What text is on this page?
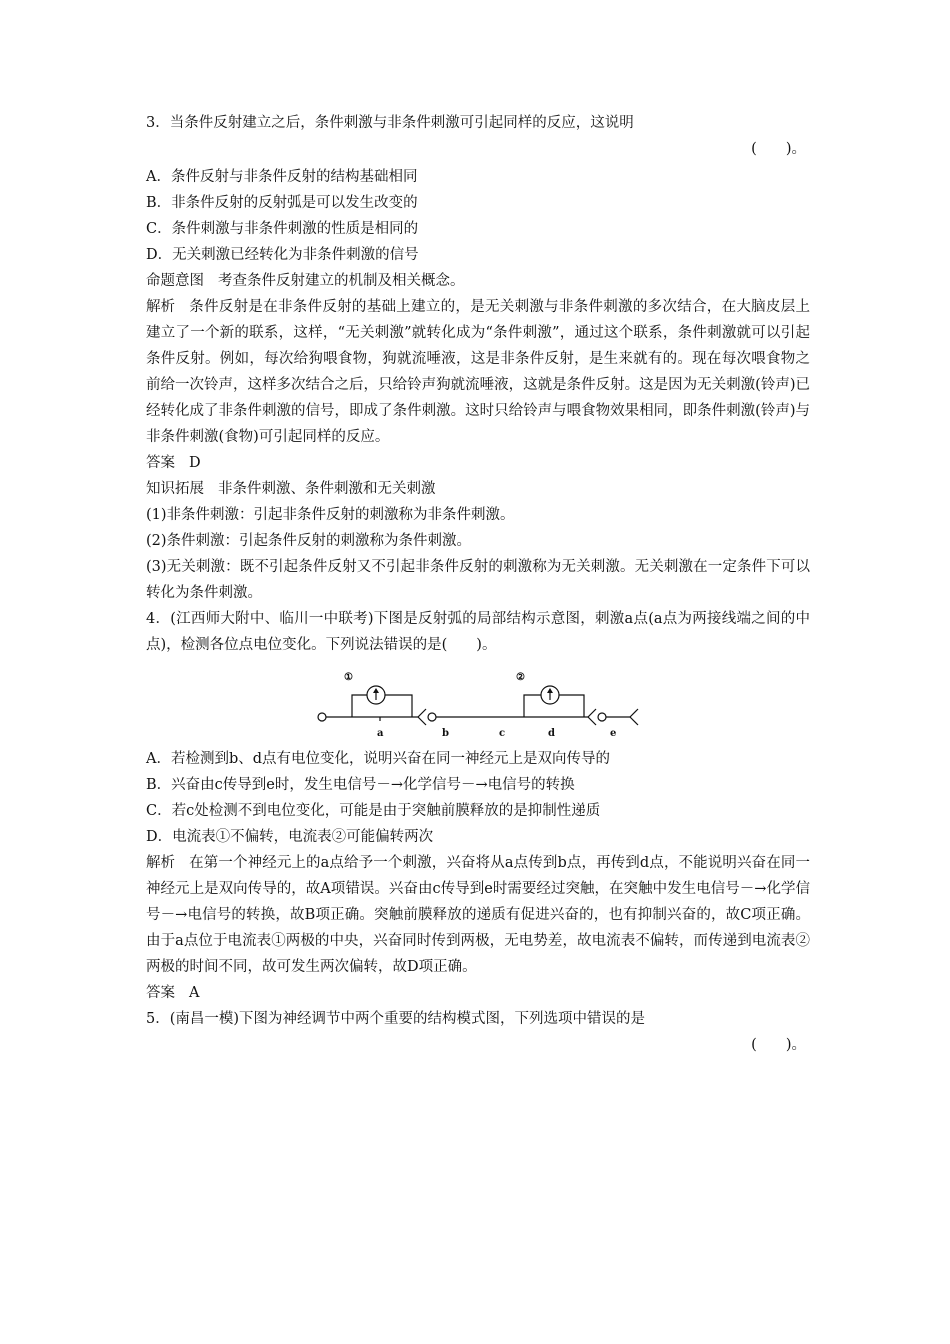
3．当条件反射建立之后，条件刺激与非条件刺激可引起同样的反应，这说明
(　　)。
A．条件反射与非条件反射的结构基础相同
B．非条件反射的反射弧是可以发生改变的
C．条件刺激与非条件刺激的性质是相同的
D．无关刺激已经转化为非条件刺激的信号
命题意图 考查条件反射建立的机制及相关概念。
解析 条件反射是在非条件反射的基础上建立的，是无关刺激与非条件刺激的多次结合，在大脑皮层上建立了一个新的联系，这样，“无关刺激”就转化成为“条件刺激”，通过这个联系，条件刺激就可以引起条件反射。例如，每次给狗喂食物，狗就流唾液，这是非条件反射，是生来就有的。现在每次喂食物之前给一次铃声，这样多次结合之后，只给铃声狗就流唾液，这就是条件反射。这是因为无关刺激(铃声)已经转化成了非条件刺激的信号，即成了条件刺激。这时只给铃声与喂食物效果相同，即条件刺激(铃声)与非条件刺激(食物)可引起同样的反应。
答案 D
知识拓展 非条件刺激、条件刺激和无关刺激
(1)非条件刺激：引起非条件反射的刺激称为非条件刺激。
(2)条件刺激：引起条件反射的刺激称为条件刺激。
(3)无关刺激：既不引起条件反射又不引起非条件反射的刺激称为无关刺激。无关刺激在一定条件下可以转化为条件刺激。
4．(江西师大附中、临川一中联考)下图是反射弧的局部结构示意图，刺激a点(a点为两接线端之间的中点)，检测各位点电位变化。下列说法错误的是(　　)。
①	②
a	b	c	d	e
A．若检测到b、d点有电位变化，说明兴奋在同一神经元上是双向传导的
B．兴奋由c传导到e时，发生电信号－→化学信号－→电信号的转换
C．若c处检测不到电位变化，可能是由于突触前膜释放的是抑制性递质
D．电流表①不偏转，电流表②可能偏转两次
解析 在第一个神经元上的a点给予一个刺激，兴奋将从a点传到b点，再传到d点，不能说明兴奋在同一神经元上是双向传导的，故A项错误。兴奋由c传导到e时需要经过突触，在突触中发生电信号－→化学信号－→电信号的转换，故B项正确。突触前膜释放的递质有促进兴奋的，也有抑制兴奋的，故C项正确。由于a点位于电流表①两极的中央，兴奋同时传到两极，无电势差，故电流表不偏转，而传递到电流表②两极的时间不同，故可发生两次偏转，故D项正确。
答案 A
5．(南昌一模)下图为神经调节中两个重要的结构模式图，下列选项中错误的是
(　　)。
